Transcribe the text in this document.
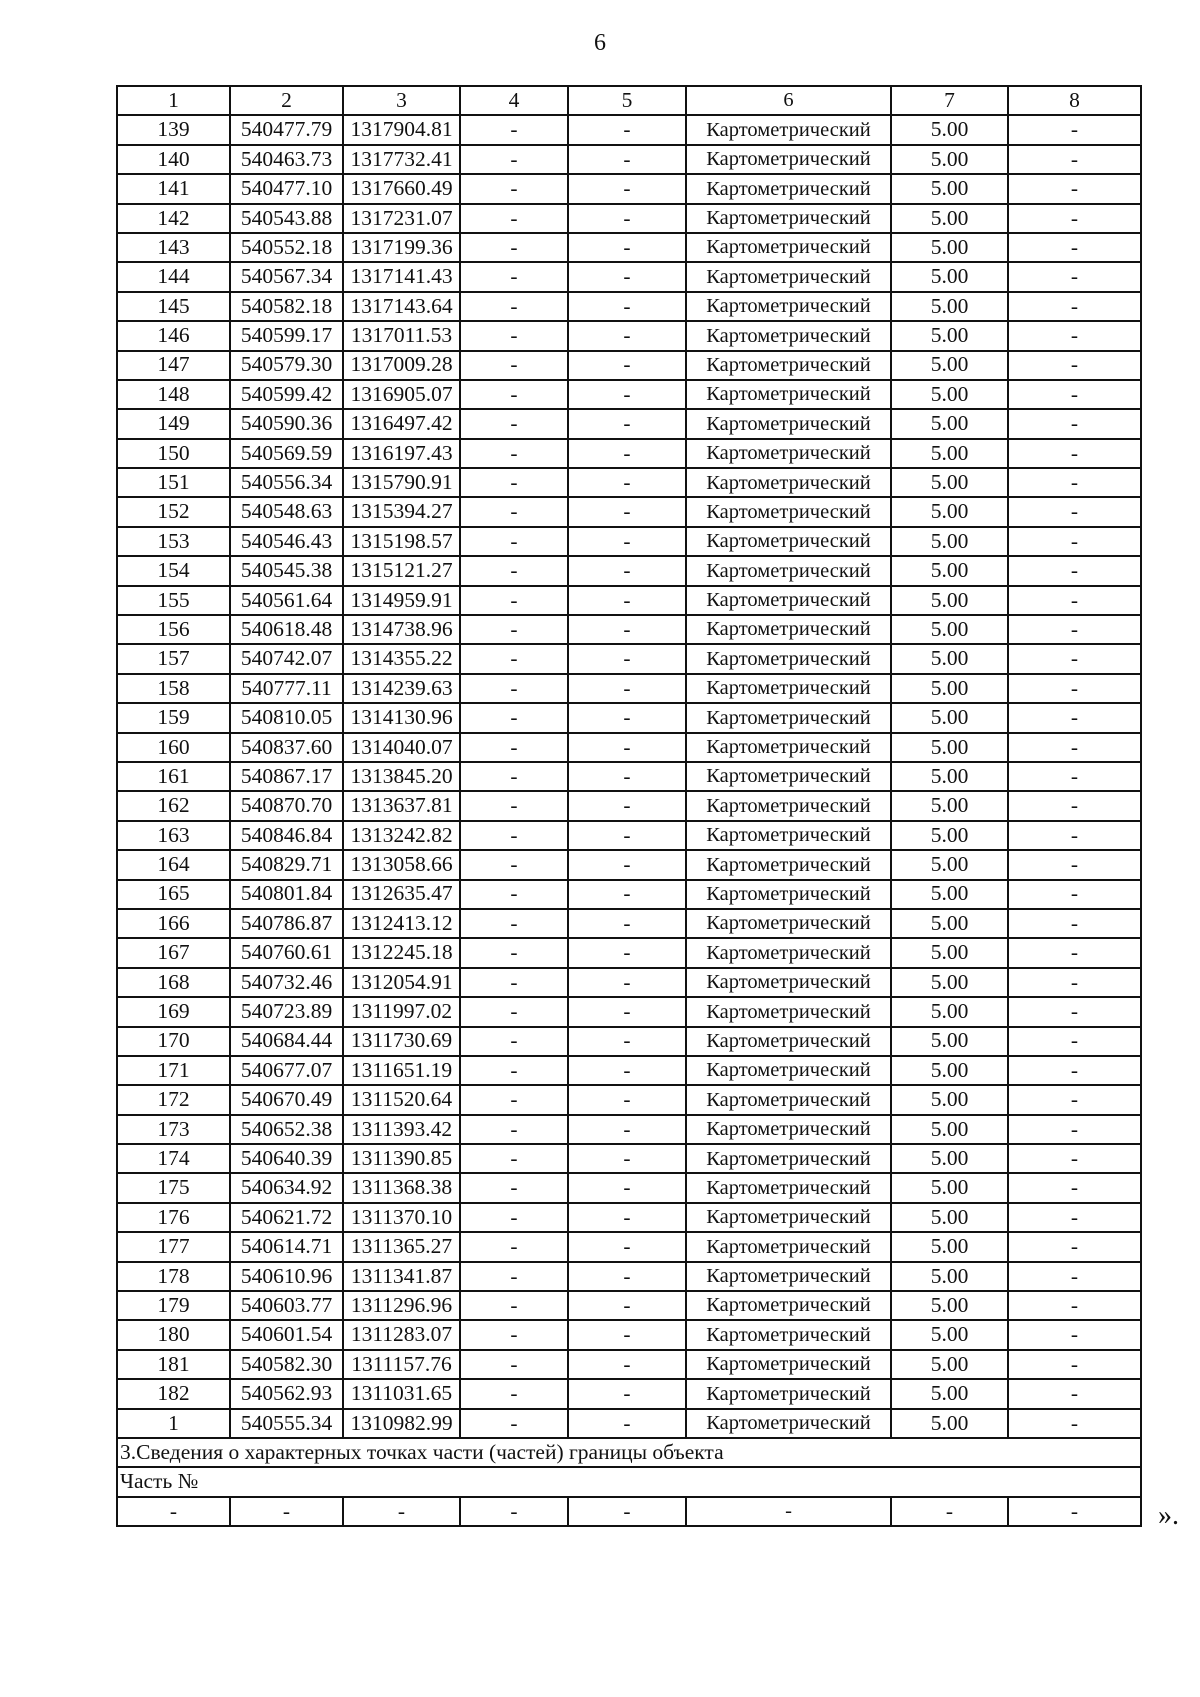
6
1	2	3	4	5	6	7	8
139	540477.79	1317904.81	-	-	Картометрический	5.00	-
140	540463.73	1317732.41	-	-	Картометрический	5.00	-
141	540477.10	1317660.49	-	-	Картометрический	5.00	-
142	540543.88	1317231.07	-	-	Картометрический	5.00	-
143	540552.18	1317199.36	-	-	Картометрический	5.00	-
144	540567.34	1317141.43	-	-	Картометрический	5.00	-
145	540582.18	1317143.64	-	-	Картометрический	5.00	-
146	540599.17	1317011.53	-	-	Картометрический	5.00	-
147	540579.30	1317009.28	-	-	Картометрический	5.00	-
148	540599.42	1316905.07	-	-	Картометрический	5.00	-
149	540590.36	1316497.42	-	-	Картометрический	5.00	-
150	540569.59	1316197.43	-	-	Картометрический	5.00	-
151	540556.34	1315790.91	-	-	Картометрический	5.00	-
152	540548.63	1315394.27	-	-	Картометрический	5.00	-
153	540546.43	1315198.57	-	-	Картометрический	5.00	-
154	540545.38	1315121.27	-	-	Картометрический	5.00	-
155	540561.64	1314959.91	-	-	Картометрический	5.00	-
156	540618.48	1314738.96	-	-	Картометрический	5.00	-
157	540742.07	1314355.22	-	-	Картометрический	5.00	-
158	540777.11	1314239.63	-	-	Картометрический	5.00	-
159	540810.05	1314130.96	-	-	Картометрический	5.00	-
160	540837.60	1314040.07	-	-	Картометрический	5.00	-
161	540867.17	1313845.20	-	-	Картометрический	5.00	-
162	540870.70	1313637.81	-	-	Картометрический	5.00	-
163	540846.84	1313242.82	-	-	Картометрический	5.00	-
164	540829.71	1313058.66	-	-	Картометрический	5.00	-
165	540801.84	1312635.47	-	-	Картометрический	5.00	-
166	540786.87	1312413.12	-	-	Картометрический	5.00	-
167	540760.61	1312245.18	-	-	Картометрический	5.00	-
168	540732.46	1312054.91	-	-	Картометрический	5.00	-
169	540723.89	1311997.02	-	-	Картометрический	5.00	-
170	540684.44	1311730.69	-	-	Картометрический	5.00	-
171	540677.07	1311651.19	-	-	Картометрический	5.00	-
172	540670.49	1311520.64	-	-	Картометрический	5.00	-
173	540652.38	1311393.42	-	-	Картометрический	5.00	-
174	540640.39	1311390.85	-	-	Картометрический	5.00	-
175	540634.92	1311368.38	-	-	Картометрический	5.00	-
176	540621.72	1311370.10	-	-	Картометрический	5.00	-
177	540614.71	1311365.27	-	-	Картометрический	5.00	-
178	540610.96	1311341.87	-	-	Картометрический	5.00	-
179	540603.77	1311296.96	-	-	Картометрический	5.00	-
180	540601.54	1311283.07	-	-	Картометрический	5.00	-
181	540582.30	1311157.76	-	-	Картометрический	5.00	-
182	540562.93	1311031.65	-	-	Картометрический	5.00	-
1	540555.34	1310982.99	-	-	Картометрический	5.00	-
3.Сведения о характерных точках части (частей) границы объекта							
Часть №							
-	-	-	-	-	-	-	-	».
